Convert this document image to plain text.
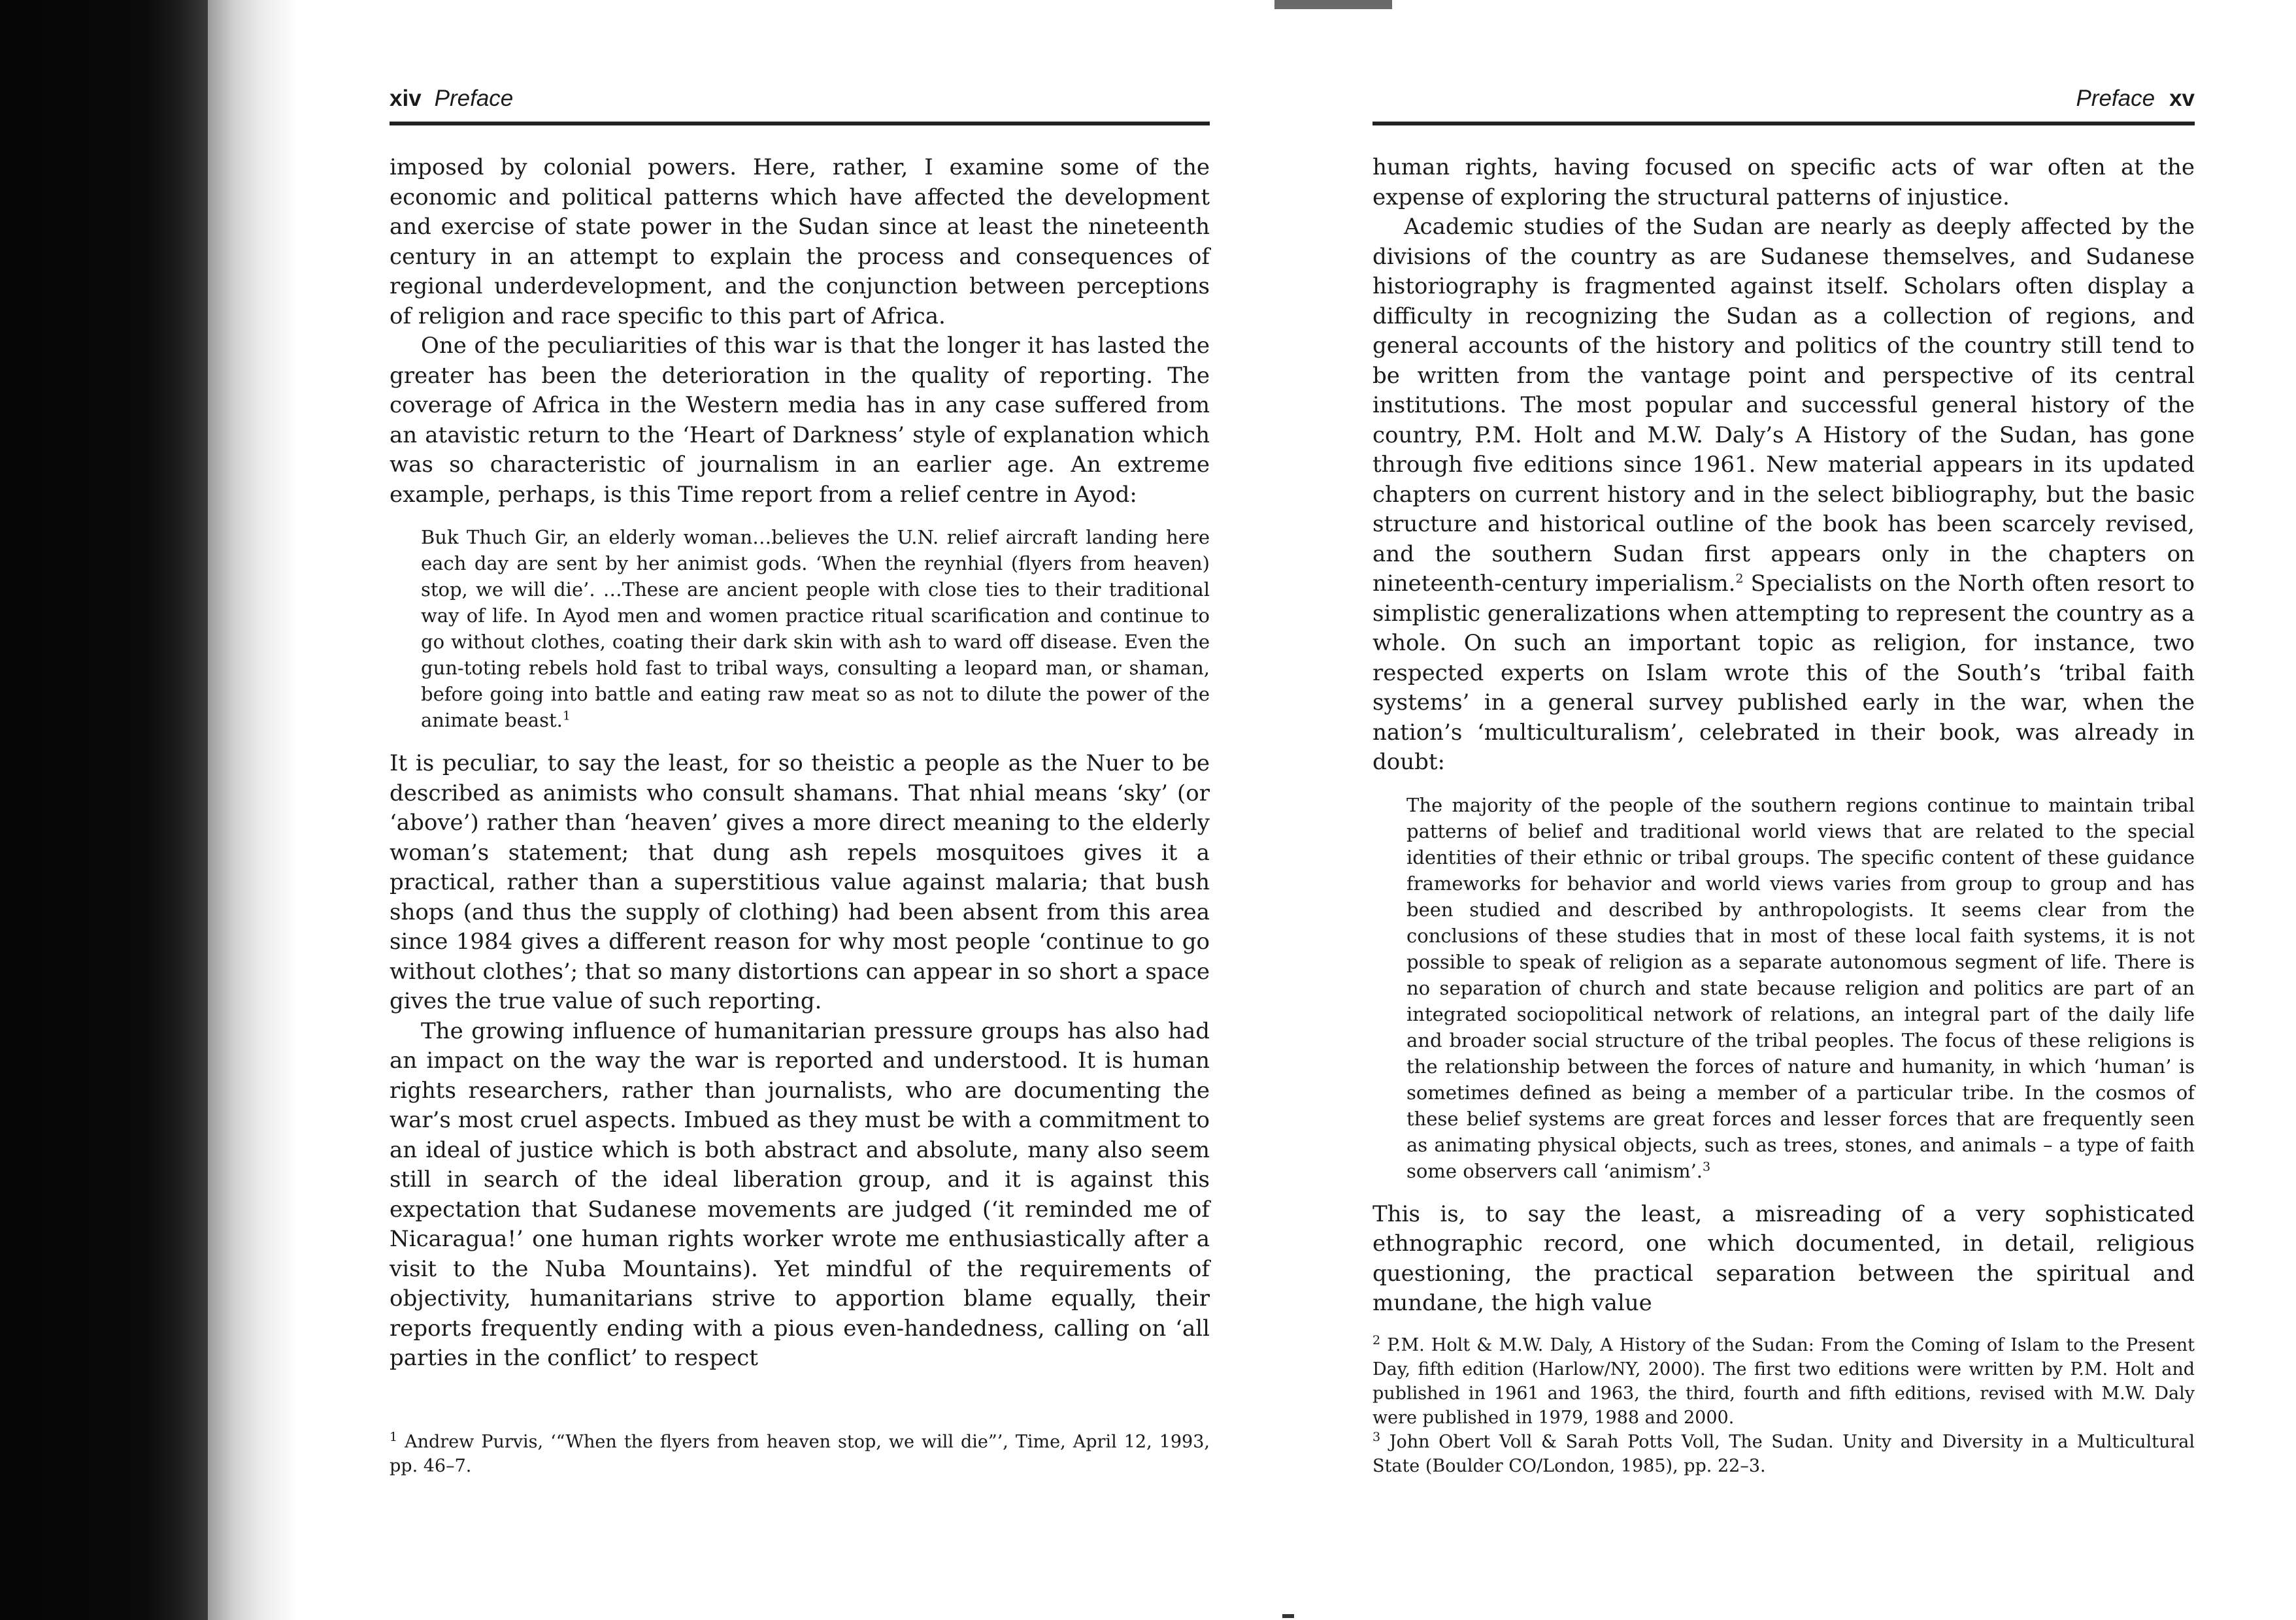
xiv Preface

imposed by colonial powers. Here, rather, I examine some of the economic and political patterns which have affected the development and exercise of state power in the Sudan since at least the nineteenth century in an attempt to explain the process and consequences of regional underdevelopment, and the conjunction between perceptions of religion and race specific to this part of Africa.

One of the peculiarities of this war is that the longer it has lasted the greater has been the deterioration in the quality of reporting. The coverage of Africa in the Western media has in any case suffered from an atavistic return to the ‘Heart of Darkness’ style of explanation which was so characteristic of journalism in an earlier age. An extreme example, perhaps, is this Time report from a relief centre in Ayod:

Buk Thuch Gir, an elderly woman…believes the U.N. relief aircraft landing here each day are sent by her animist gods. ‘When the reynhial (flyers from heaven) stop, we will die’. …These are ancient people with close ties to their traditional way of life. In Ayod men and women practice ritual scarification and continue to go without clothes, coating their dark skin with ash to ward off disease. Even the gun-toting rebels hold fast to tribal ways, consulting a leopard man, or shaman, before going into battle and eating raw meat so as not to dilute the power of the animate beast.$^1$

It is peculiar, to say the least, for so theistic a people as the Nuer to be described as animists who consult shamans. That nhial means ‘sky’ (or ‘above’) rather than ‘heaven’ gives a more direct meaning to the elderly woman’s statement; that dung ash repels mosquitoes gives it a practical, rather than a superstitious value against malaria; that bush shops (and thus the supply of clothing) had been absent from this area since 1984 gives a different reason for why most people ‘continue to go without clothes’; that so many distortions can appear in so short a space gives the true value of such reporting.

The growing influence of humanitarian pressure groups has also had an impact on the way the war is reported and understood. It is human rights researchers, rather than journalists, who are documenting the war’s most cruel aspects. Imbued as they must be with a commitment to an ideal of justice which is both abstract and absolute, many also seem still in search of the ideal liberation group, and it is against this expectation that Sudanese movements are judged (‘it reminded me of Nicaragua!’ one human rights worker wrote me enthusiastically after a visit to the Nuba Mountains). Yet mindful of the requirements of objectivity, humanitarians strive to apportion blame equally, their reports frequently ending with a pious even-handedness, calling on ‘all parties in the conflict’ to respect

$^1$ Andrew Purvis, ‘“When the flyers from heaven stop, we will die”’, Time, April 12, 1993, pp. 46–7.

Preface xv

human rights, having focused on specific acts of war often at the expense of exploring the structural patterns of injustice.

Academic studies of the Sudan are nearly as deeply affected by the divisions of the country as are Sudanese themselves, and Sudanese historiography is fragmented against itself. Scholars often display a difficulty in recognizing the Sudan as a collection of regions, and general accounts of the history and politics of the country still tend to be written from the vantage point and perspective of its central institutions. The most popular and successful general history of the country, P.M. Holt and M.W. Daly’s A History of the Sudan, has gone through five editions since 1961. New material appears in its updated chapters on current history and in the select bibliography, but the basic structure and historical outline of the book has been scarcely revised, and the southern Sudan first appears only in the chapters on nineteenth-century imperialism.$^2$ Specialists on the North often resort to simplistic generalizations when attempting to represent the country as a whole. On such an important topic as religion, for instance, two respected experts on Islam wrote this of the South’s ‘tribal faith systems’ in a general survey published early in the war, when the nation’s ‘multiculturalism’, celebrated in their book, was already in doubt:

The majority of the people of the southern regions continue to maintain tribal patterns of belief and traditional world views that are related to the special identities of their ethnic or tribal groups. The specific content of these guidance frameworks for behavior and world views varies from group to group and has been studied and described by anthropologists. It seems clear from the conclusions of these studies that in most of these local faith systems, it is not possible to speak of religion as a separate autonomous segment of life. There is no separation of church and state because religion and politics are part of an integrated sociopolitical network of relations, an integral part of the daily life and broader social structure of the tribal peoples. The focus of these religions is the relationship between the forces of nature and humanity, in which ‘human’ is sometimes defined as being a member of a particular tribe. In the cosmos of these belief systems are great forces and lesser forces that are frequently seen as animating physical objects, such as trees, stones, and animals – a type of faith some observers call ‘animism’.$^3$

This is, to say the least, a misreading of a very sophisticated ethnographic record, one which documented, in detail, religious questioning, the practical separation between the spiritual and mundane, the high value

$^2$ P.M. Holt & M.W. Daly, A History of the Sudan: From the Coming of Islam to the Present Day, fifth edition (Harlow/NY, 2000). The first two editions were written by P.M. Holt and published in 1961 and 1963, the third, fourth and fifth editions, revised with M.W. Daly were published in 1979, 1988 and 2000.

$^3$ John Obert Voll & Sarah Potts Voll, The Sudan. Unity and Diversity in a Multicultural State (Boulder CO/London, 1985), pp. 22–3.
